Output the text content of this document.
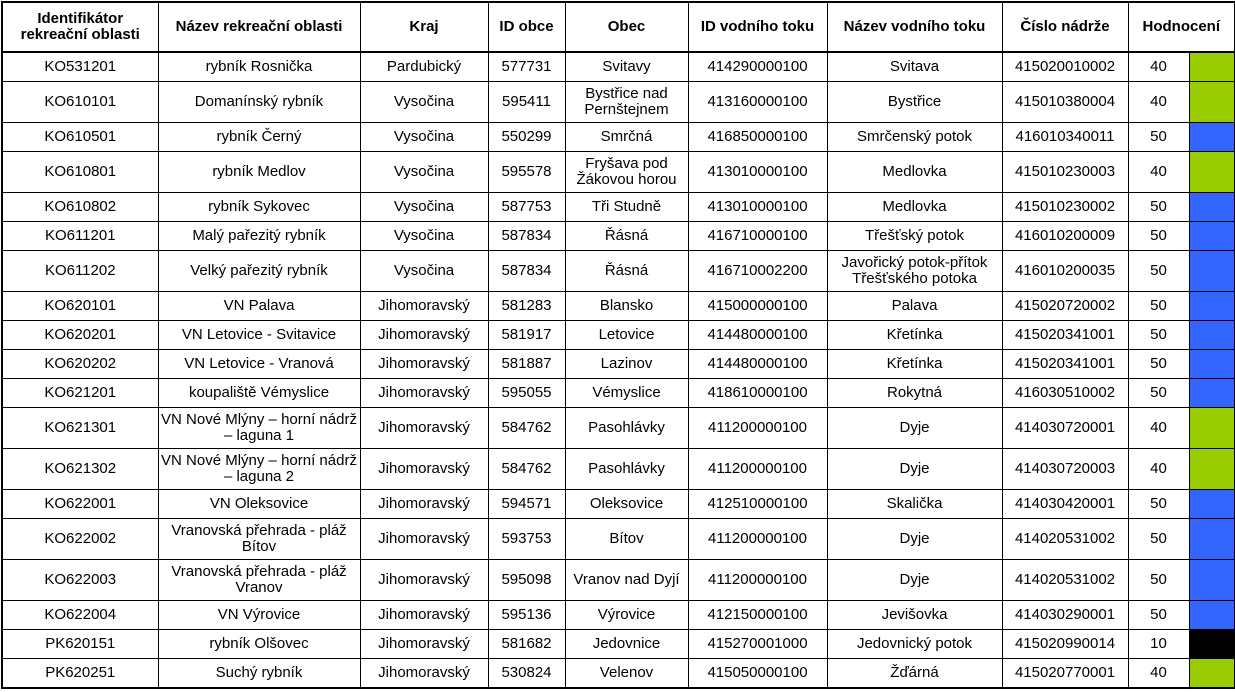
Identifikátor rekreační oblasti	Název rekreační oblasti	Kraj	ID obce	Obec	ID vodního toku	Název vodního toku	Číslo nádrže	Hodnocení	
KO531201	rybník Rosnička	Pardubický	577731	Svitavy	414290000100	Svitava	415020010002	40	
KO610101	Domanínský rybník	Vysočina	595411	Bystřice nad Pernštejnem	413160000100	Bystřice	415010380004	40	
KO610501	rybník Černý	Vysočina	550299	Smrčná	416850000100	Smrčenský potok	416010340011	50	
KO610801	rybník Medlov	Vysočina	595578	Fryšava pod Žákovou horou	413010000100	Medlovka	415010230003	40	
KO610802	rybník Sykovec	Vysočina	587753	Tři Studně	413010000100	Medlovka	415010230002	50	
KO611201	Malý pařezitý rybník	Vysočina	587834	Řásná	416710000100	Třešťský potok	416010200009	50	
KO611202	Velký pařezitý rybník	Vysočina	587834	Řásná	416710002200	Javořický potok-přítok Třešťského potoka	416010200035	50	
KO620101	VN Palava	Jihomoravský	581283	Blansko	415000000100	Palava	415020720002	50	
KO620201	VN Letovice - Svitavice	Jihomoravský	581917	Letovice	414480000100	Křetínka	415020341001	50	
KO620202	VN Letovice - Vranová	Jihomoravský	581887	Lazinov	414480000100	Křetínka	415020341001	50	
KO621201	koupaliště Vémyslice	Jihomoravský	595055	Vémyslice	418610000100	Rokytná	416030510002	50	
KO621301	VN Nové Mlýny – horní nádrž – laguna 1	Jihomoravský	584762	Pasohlávky	411200000100	Dyje	414030720001	40	
KO621302	VN Nové Mlýny – horní nádrž – laguna 2	Jihomoravský	584762	Pasohlávky	411200000100	Dyje	414030720003	40	
KO622001	VN Oleksovice	Jihomoravský	594571	Oleksovice	412510000100	Skalička	414030420001	50	
KO622002	Vranovská přehrada - pláž Bítov	Jihomoravský	593753	Bítov	411200000100	Dyje	414020531002	50	
KO622003	Vranovská přehrada - pláž Vranov	Jihomoravský	595098	Vranov nad Dyjí	411200000100	Dyje	414020531002	50	
KO622004	VN Výrovice	Jihomoravský	595136	Výrovice	412150000100	Jevišovka	414030290001	50	
PK620151	rybník Olšovec	Jihomoravský	581682	Jedovnice	415270001000	Jedovnický potok	415020990014	10	
PK620251	Suchý rybník	Jihomoravský	530824	Velenov	415050000100	Žďárná	415020770001	40	
